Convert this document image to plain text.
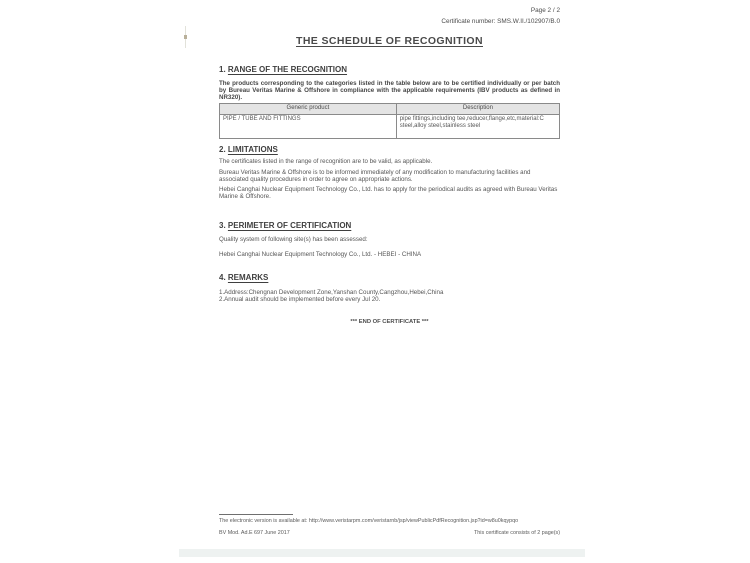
Page 2 / 2
Certificate number: SMS.W.II./102907/B.0
THE SCHEDULE OF RECOGNITION
1. RANGE OF THE RECOGNITION
The products corresponding to the categories listed in the table below are to be certified individually or per batch by Bureau Veritas Marine & Offshore in compliance with the applicable requirements (IBV products as defined in NR320).
Generic product	Description
PIPE / TUBE AND FITTINGS	pipe fittings,including tee,reducer,flange,etc,material:C steel,alloy steel,stainless steel
2. LIMITATIONS
The certificates listed in the range of recognition are to be valid, as applicable.
Bureau Veritas Marine & Offshore is to be informed immediately of any modification to manufacturing facilities and associated quality procedures in order to agree on appropriate actions.
Hebei Canghai Nuclear Equipment Technology Co., Ltd. has to apply for the periodical audits as agreed with Bureau Veritas Marine & Offshore.
3. PERIMETER OF CERTIFICATION
Quality system of following site(s) has been assessed:
Hebei Canghai Nuclear Equipment Technology Co., Ltd. - HEBEI - CHINA
4. REMARKS
1.Address:Chengnan Development Zone,Yanshan County,Cangzhou,Hebei,China
2.Annual audit should be implemented before every Jul 20.
*** END OF CERTIFICATE ***
The electronic version is available at: http://www.veristarpm.com/veristarnb/jsp/viewPublicPdfRecognition.jsp?id=w8u0kqypqo
BV Mod. Ad.E 697 June 2017	This certificate consists of 2 page(s)
